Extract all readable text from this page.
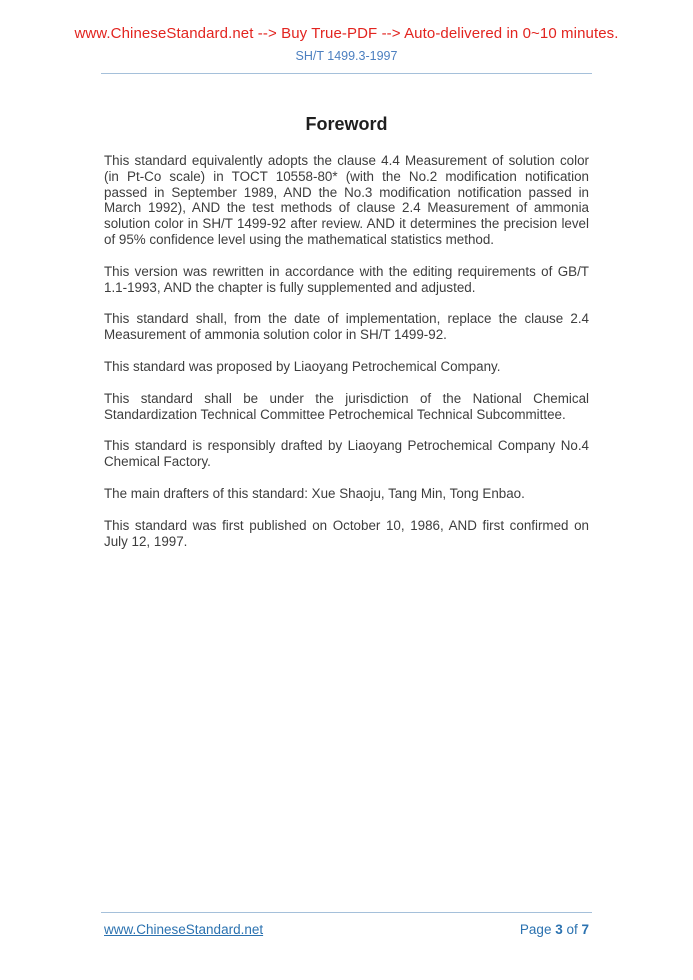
www.ChineseStandard.net --> Buy True-PDF --> Auto-delivered in 0~10 minutes.
SH/T 1499.3-1997
Foreword

This standard equivalently adopts the clause 4.4 Measurement of solution color (in Pt-Co scale) in TOCT 10558-80* (with the No.2 modification notification passed in September 1989, AND the No.3 modification notification passed in March 1992), AND the test methods of clause 2.4 Measurement of ammonia solution color in SH/T 1499-92 after review. AND it determines the precision level of 95% confidence level using the mathematical statistics method.

This version was rewritten in accordance with the editing requirements of GB/T 1.1-1993, AND the chapter is fully supplemented and adjusted.

This standard shall, from the date of implementation, replace the clause 2.4 Measurement of ammonia solution color in SH/T 1499-92.

This standard was proposed by Liaoyang Petrochemical Company.

This standard shall be under the jurisdiction of the National Chemical Standardization Technical Committee Petrochemical Technical Subcommittee.

This standard is responsibly drafted by Liaoyang Petrochemical Company No.4 Chemical Factory.

The main drafters of this standard: Xue Shaoju, Tang Min, Tong Enbao.

This standard was first published on October 10, 1986, AND first confirmed on July 12, 1997.

www.ChineseStandard.net	Page 3 of 7
